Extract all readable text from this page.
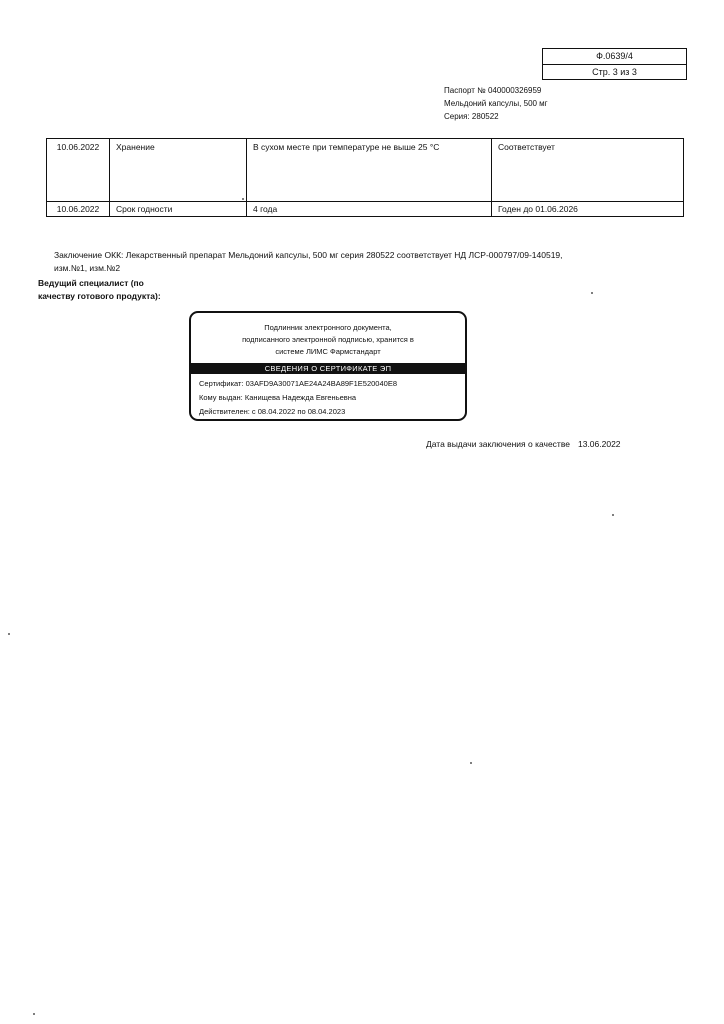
Ф.0639/4
Стр. 3 из 3
Паспорт № 040000326959
Мельдоний капсулы, 500 мг
Серия: 280522
10.06.2022	Хранение	В сухом месте при температуре не выше 25 °С	Соответствует
10.06.2022	Срок годности	4 года	Годен до 01.06.2026
Заключение ОКК: Лекарственный препарат Мельдоний капсулы, 500 мг серия 280522 соответствует НД ЛСР-000797/09-140519,
изм.№1, изм.№2
Ведущий специалист (по качеству готового продукта):
Подлинник электронного документа,
подписанного электронной подписью, хранится в
системе ЛИМС Фармстандарт
СВЕДЕНИЯ О СЕРТИФИКАТЕ ЭП
Сертификат: 03AFD9A30071AE24A24BA89F1E520040E8
Кому выдан: Канищева Надежда Евгеньевна
Действителен: с 08.04.2022 по 08.04.2023
Дата выдачи заключения о качестве 13.06.2022
